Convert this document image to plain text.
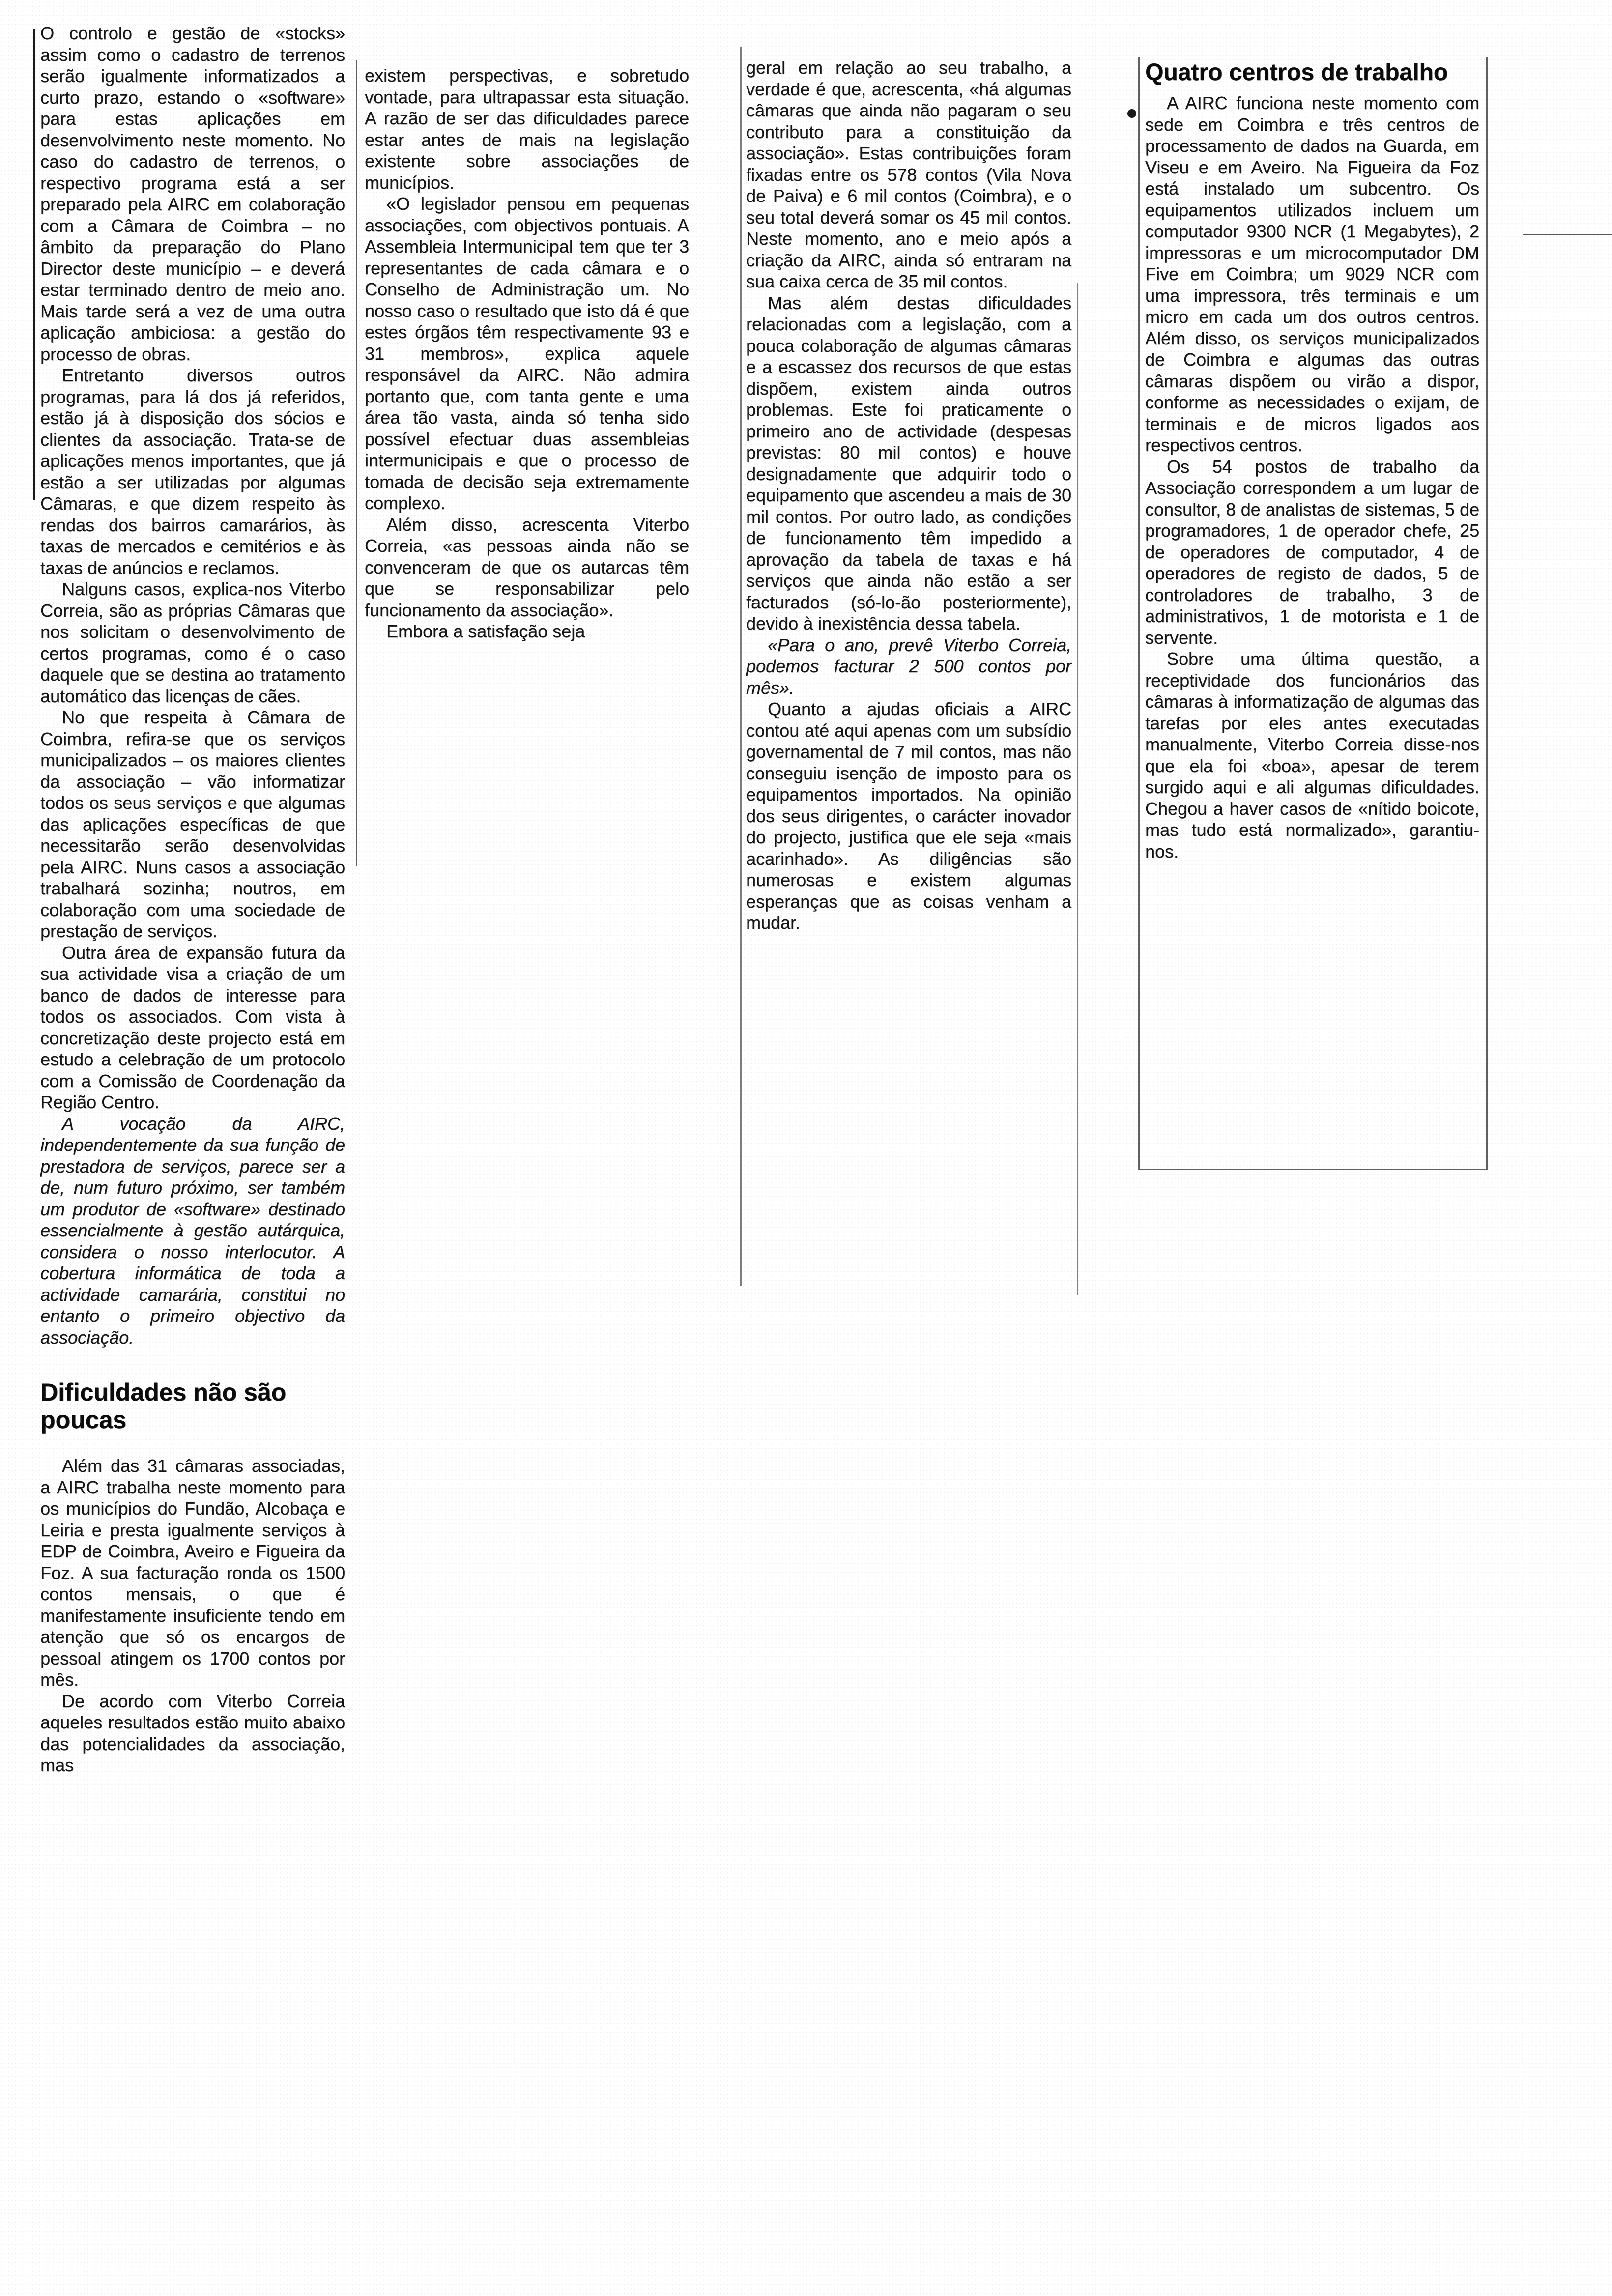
O controlo e gestão de «stocks» assim como o cadastro de terrenos serão igualmente informatizados a curto prazo, estando o «software» para estas aplicações em desenvolvimento neste momento. No caso do cadastro de terrenos, o respectivo programa está a ser preparado pela AIRC em colaboração com a Câmara de Coimbra – no âmbito da preparação do Plano Director deste município – e deverá estar terminado dentro de meio ano. Mais tarde será a vez de uma outra aplicação ambiciosa: a gestão do processo de obras.

Entretanto diversos outros programas, para lá dos já referidos, estão já à disposição dos sócios e clientes da associação. Trata-se de aplicações menos importantes, que já estão a ser utilizadas por algumas Câmaras, e que dizem respeito às rendas dos bairros camarários, às taxas de mercados e cemitérios e às taxas de anúncios e reclamos.

Nalguns casos, explica-nos Viterbo Correia, são as próprias Câmaras que nos solicitam o desenvolvimento de certos programas, como é o caso daquele que se destina ao tratamento automático das licenças de cães.

No que respeita à Câmara de Coimbra, refira-se que os serviços municipalizados – os maiores clientes da associação – vão informatizar todos os seus serviços e que algumas das aplicações específicas de que necessitarão serão desenvolvidas pela AIRC. Nuns casos a associação trabalhará sozinha; noutros, em colaboração com uma sociedade de prestação de serviços.

Outra área de expansão futura da sua actividade visa a criação de um banco de dados de interesse para todos os associados. Com vista à concretização deste projecto está em estudo a celebração de um protocolo com a Comissão de Coordenação da Região Centro.

A vocação da AIRC, independentemente da sua função de prestadora de serviços, parece ser a de, num futuro próximo, ser também um produtor de «software» destinado essencialmente à gestão autárquica, considera o nosso interlocutor. A cobertura informática de toda a actividade camarária, constitui no entanto o primeiro objectivo da associação.

Dificuldades não são poucas

Além das 31 câmaras associadas, a AIRC trabalha neste momento para os municípios do Fundão, Alcobaça e Leiria e presta igualmente serviços à EDP de Coimbra, Aveiro e Figueira da Foz. A sua facturação ronda os 1500 contos mensais, o que é manifestamente insuficiente tendo em atenção que só os encargos de pessoal atingem os 1700 contos por mês.

De acordo com Viterbo Correia aqueles resultados estão muito abaixo das potencialidades da associação, mas

existem perspectivas, e sobretudo vontade, para ultrapassar esta situação. A razão de ser das dificuldades parece estar antes de mais na legislação existente sobre associações de municípios.

«O legislador pensou em pequenas associações, com objectivos pontuais. A Assembleia Intermunicipal tem que ter 3 representantes de cada câmara e o Conselho de Administração um. No nosso caso o resultado que isto dá é que estes órgãos têm respectivamente 93 e 31 membros», explica aquele responsável da AIRC. Não admira portanto que, com tanta gente e uma área tão vasta, ainda só tenha sido possível efectuar duas assembleias intermunicipais e que o processo de tomada de decisão seja extremamente complexo.

Além disso, acrescenta Viterbo Correia, «as pessoas ainda não se convenceram de que os autarcas têm que se responsabilizar pelo funcionamento da associação».

Embora a satisfação seja

geral em relação ao seu trabalho, a verdade é que, acrescenta, «há algumas câmaras que ainda não pagaram o seu contributo para a constituição da associação». Estas contribuições foram fixadas entre os 578 contos (Vila Nova de Paiva) e 6 mil contos (Coimbra), e o seu total deverá somar os 45 mil contos. Neste momento, ano e meio após a criação da AIRC, ainda só entraram na sua caixa cerca de 35 mil contos.

Mas além destas dificuldades relacionadas com a legislação, com a pouca colaboração de algumas câmaras e a escassez dos recursos de que estas dispõem, existem ainda outros problemas. Este foi praticamente o primeiro ano de actividade (despesas previstas: 80 mil contos) e houve designadamente que adquirir todo o equipamento que ascendeu a mais de 30 mil contos. Por outro lado, as condições de funcionamento têm impedido a aprovação da tabela de taxas e há serviços que ainda não estão a ser facturados (só-lo-ão posteriormente), devido à inexistência dessa tabela.

«Para o ano, prevê Viterbo Correia, podemos facturar 2 500 contos por mês».

Quanto a ajudas oficiais a AIRC contou até aqui apenas com um subsídio governamental de 7 mil contos, mas não conseguiu isenção de imposto para os equipamentos importados. Na opinião dos seus dirigentes, o carácter inovador do projecto, justifica que ele seja «mais acarinhado». As diligências são numerosas e existem algumas esperanças que as coisas venham a mudar.

Quatro centros de trabalho

A AIRC funciona neste momento com sede em Coimbra e três centros de processamento de dados na Guarda, em Viseu e em Aveiro. Na Figueira da Foz está instalado um subcentro. Os equipamentos utilizados incluem um computador 9300 NCR (1 Megabytes), 2 impressoras e um microcomputador DM Five em Coimbra; um 9029 NCR com uma impressora, três terminais e um micro em cada um dos outros centros. Além disso, os serviços municipalizados de Coimbra e algumas das outras câmaras dispõem ou virão a dispor, conforme as necessidades o exijam, de terminais e de micros ligados aos respectivos centros.

Os 54 postos de trabalho da Associação correspondem a um lugar de consultor, 8 de analistas de sistemas, 5 de programadores, 1 de operador chefe, 25 de operadores de computador, 4 de operadores de registo de dados, 5 de controladores de trabalho, 3 de administrativos, 1 de motorista e 1 de servente.

Sobre uma última questão, a receptividade dos funcionários das câmaras à informatização de algumas das tarefas por eles antes executadas manualmente, Viterbo Correia disse-nos que ela foi «boa», apesar de terem surgido aqui e ali algumas dificuldades. Chegou a haver casos de «nítido boicote, mas tudo está normalizado», garantiu-nos.
